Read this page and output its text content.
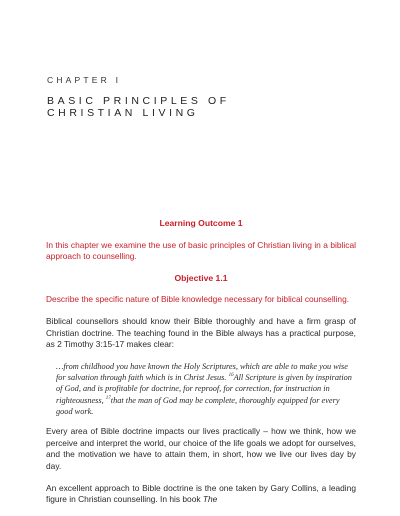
CHAPTER I
BASIC PRINCIPLES OF
CHRISTIAN LIVING
Learning Outcome 1
In this chapter we examine the use of basic principles of Christian living in a biblical approach to counselling.
Objective 1.1
Describe the specific nature of Bible knowledge necessary for biblical counselling.
Biblical counsellors should know their Bible thoroughly and have a firm grasp of Christian doctrine. The teaching found in the Bible always has a practical purpose, as 2 Timothy 3:15-17 makes clear:
…from childhood you have known the Holy Scriptures, which are able to make you wise for salvation through faith which is in Christ Jesus. $^{16}$All Scripture is given by inspiration of God, and is profitable for doctrine, for reproof, for correction, for instruction in righteousness, $^{17}$that the man of God may be complete, thoroughly equipped for every good work.
Every area of Bible doctrine impacts our lives practically – how we think, how we perceive and interpret the world, our choice of the life goals we adopt for ourselves, and the motivation we have to attain them, in short, how we live our lives day by day.
An excellent approach to Bible doctrine is the one taken by Gary Collins, a leading figure in Christian counselling. In his book The
